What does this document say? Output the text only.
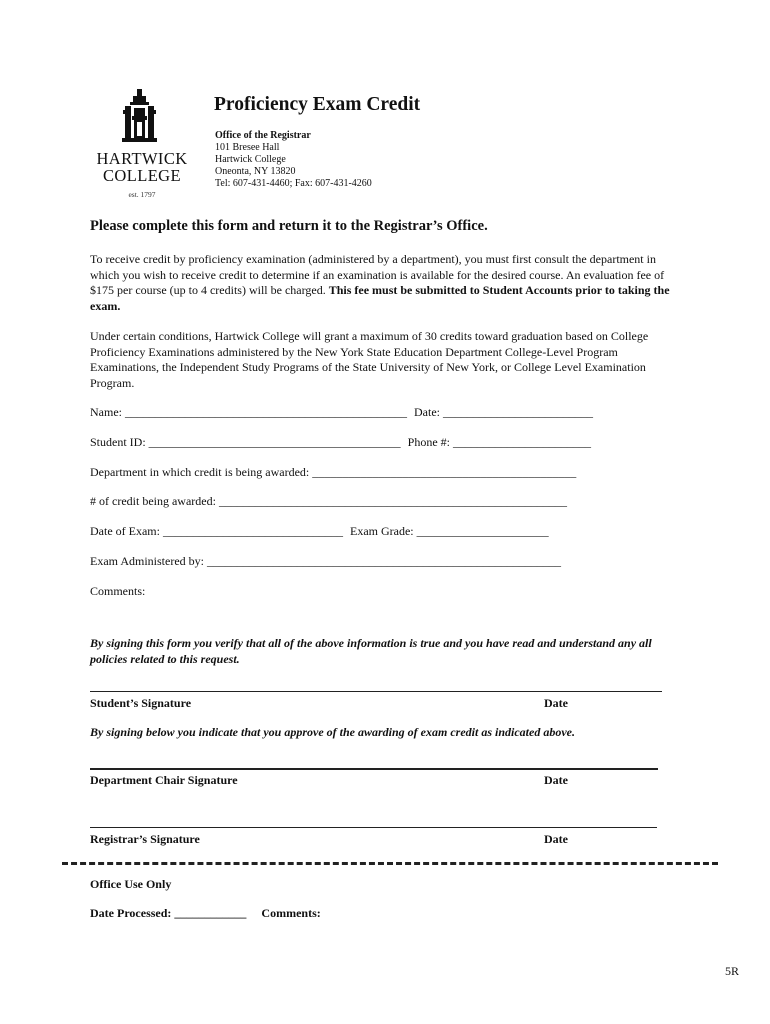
HARTWICK
COLLEGE
est. 1797
Proficiency Exam Credit
Office of the Registrar
101 Bresee Hall
Hartwick College
Oneonta, NY 13820
Tel: 607-431-4460; Fax: 607-431-4260
Please complete this form and return it to the Registrar’s Office.
To receive credit by proficiency examination (administered by a department), you must first consult the department in which you wish to receive credit to determine if an examination is available for the desired course. An evaluation fee of $175 per course (up to 4 credits) will be charged. This fee must be submitted to Student Accounts prior to taking the exam.
Under certain conditions, Hartwick College will grant a maximum of 30 credits toward graduation based on College Proficiency Examinations administered by the New York State Education Department College-Level Program Examinations, the Independent Study Programs of the State University of New York, or College Level Examination Program.
Name: _______________________________________________ Date: _________________________
Student ID: __________________________________________ Phone #: _______________________
Department in which credit is being awarded: ____________________________________________
# of credit being awarded: __________________________________________________________
Date of Exam: ______________________________ Exam Grade: ______________________
Exam Administered by: ___________________________________________________________
Comments:
By signing this form you verify that all of the above information is true and you have read and understand any all policies related to this request.
Student’s Signature	Date
By signing below you indicate that you approve of the awarding of exam credit as indicated above.
Department Chair Signature	Date
Registrar’s Signature	Date
Office Use Only
Date Processed: ____________ Comments:
5R
